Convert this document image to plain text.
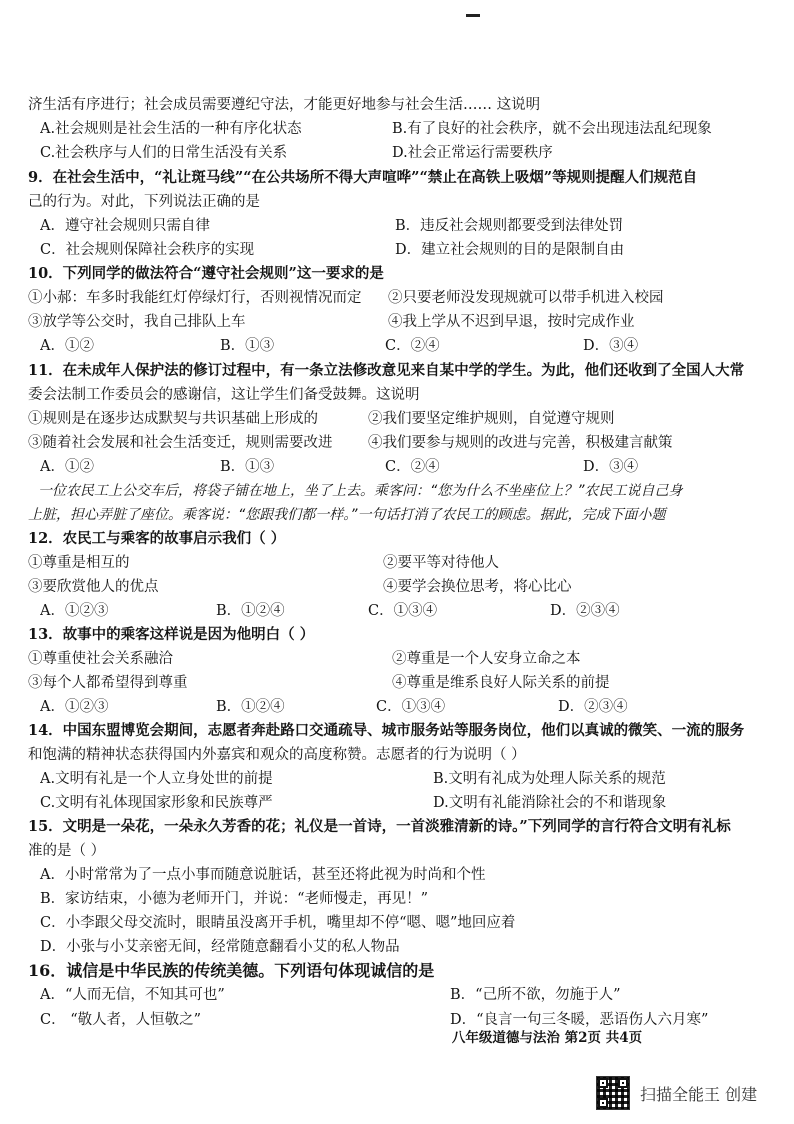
济生活有序进行；社会成员需要遵纪守法，才能更好地参与社会生活…… 这说明
A.社会规则是社会生活的一种有序化状态	B.有了良好的社会秩序，就不会出现违法乱纪现象
C.社会秩序与人们的日常生活没有关系	D.社会正常运行需要秩序
9．在社会生活中，“礼让斑马线”“在公共场所不得大声喧哗”“禁止在高铁上吸烟”等规则提醒人们规范自
己的行为。对此，下列说法正确的是
A．遵守社会规则只需自律	B．违反社会规则都要受到法律处罚
C．社会规则保障社会秩序的实现	D．建立社会规则的目的是限制自由
10．下列同学的做法符合“遵守社会规则”这一要求的是
①小郝：车多时我能红灯停绿灯行，否则视情况而定	②只要老师没发现规就可以带手机进入校园
③放学等公交时，我自己排队上车	④我上学从不迟到早退，按时完成作业
A．①②	B．①③	C．②④	D．③④
11．在未成年人保护法的修订过程中，有一条立法修改意见来自某中学的学生。为此，他们还收到了全国人大常
委会法制工作委员会的感谢信，这让学生们备受鼓舞。这说明
①规则是在逐步达成默契与共识基础上形成的	②我们要坚定维护规则，自觉遵守规则
③随着社会发展和社会生活变迁，规则需要改进	④我们要参与规则的改进与完善，积极建言献策
A．①②	B．①③	C．②④	D．③④
一位农民工上公交车后，将袋子铺在地上，坐了上去。乘客问：“您为什么不坐座位上？”农民工说自己身
上脏，担心弄脏了座位。乘客说：“您跟我们都一样。”一句话打消了农民工的顾虑。据此，完成下面小题
12．农民工与乘客的故事启示我们（ ）
①尊重是相互的	②要平等对待他人
③要欣赏他人的优点	④要学会换位思考，将心比心
A．①②③	B．①②④	C．①③④	D．②③④
13．故事中的乘客这样说是因为他明白（ ）
①尊重使社会关系融洽	②尊重是一个人安身立命之本
③每个人都希望得到尊重	④尊重是维系良好人际关系的前提
A．①②③	B．①②④	C．①③④	D．②③④
14．中国东盟博览会期间，志愿者奔赴路口交通疏导、城市服务站等服务岗位，他们以真诚的微笑、一流的服务
和饱满的精神状态获得国内外嘉宾和观众的高度称赞。志愿者的行为说明（ ）
A.文明有礼是一个人立身处世的前提	B.文明有礼成为处理人际关系的规范
C.文明有礼体现国家形象和民族尊严	D.文明有礼能消除社会的不和谐现象
15．文明是一朵花，一朵永久芳香的花；礼仪是一首诗，一首淡雅清新的诗。”下列同学的言行符合文明有礼标
准的是（ ）
A．小时常常为了一点小事而随意说脏话，甚至还将此视为时尚和个性
B．家访结束，小德为老师开门，并说：“老师慢走，再见！”
C．小李跟父母交流时，眼睛虽没离开手机，嘴里却不停“嗯、嗯”地回应着
D．小张与小艾亲密无间，经常随意翻看小艾的私人物品
16．诚信是中华民族的传统美德。下列语句体现诚信的是
A．“人而无信，不知其可也”	B．“己所不欲，勿施于人”
C． “敬人者，人恒敬之”	D．“良言一句三冬暖，恶语伤人六月寒”
八年级道德与法治 第2页 共4页
扫描全能王 创建
